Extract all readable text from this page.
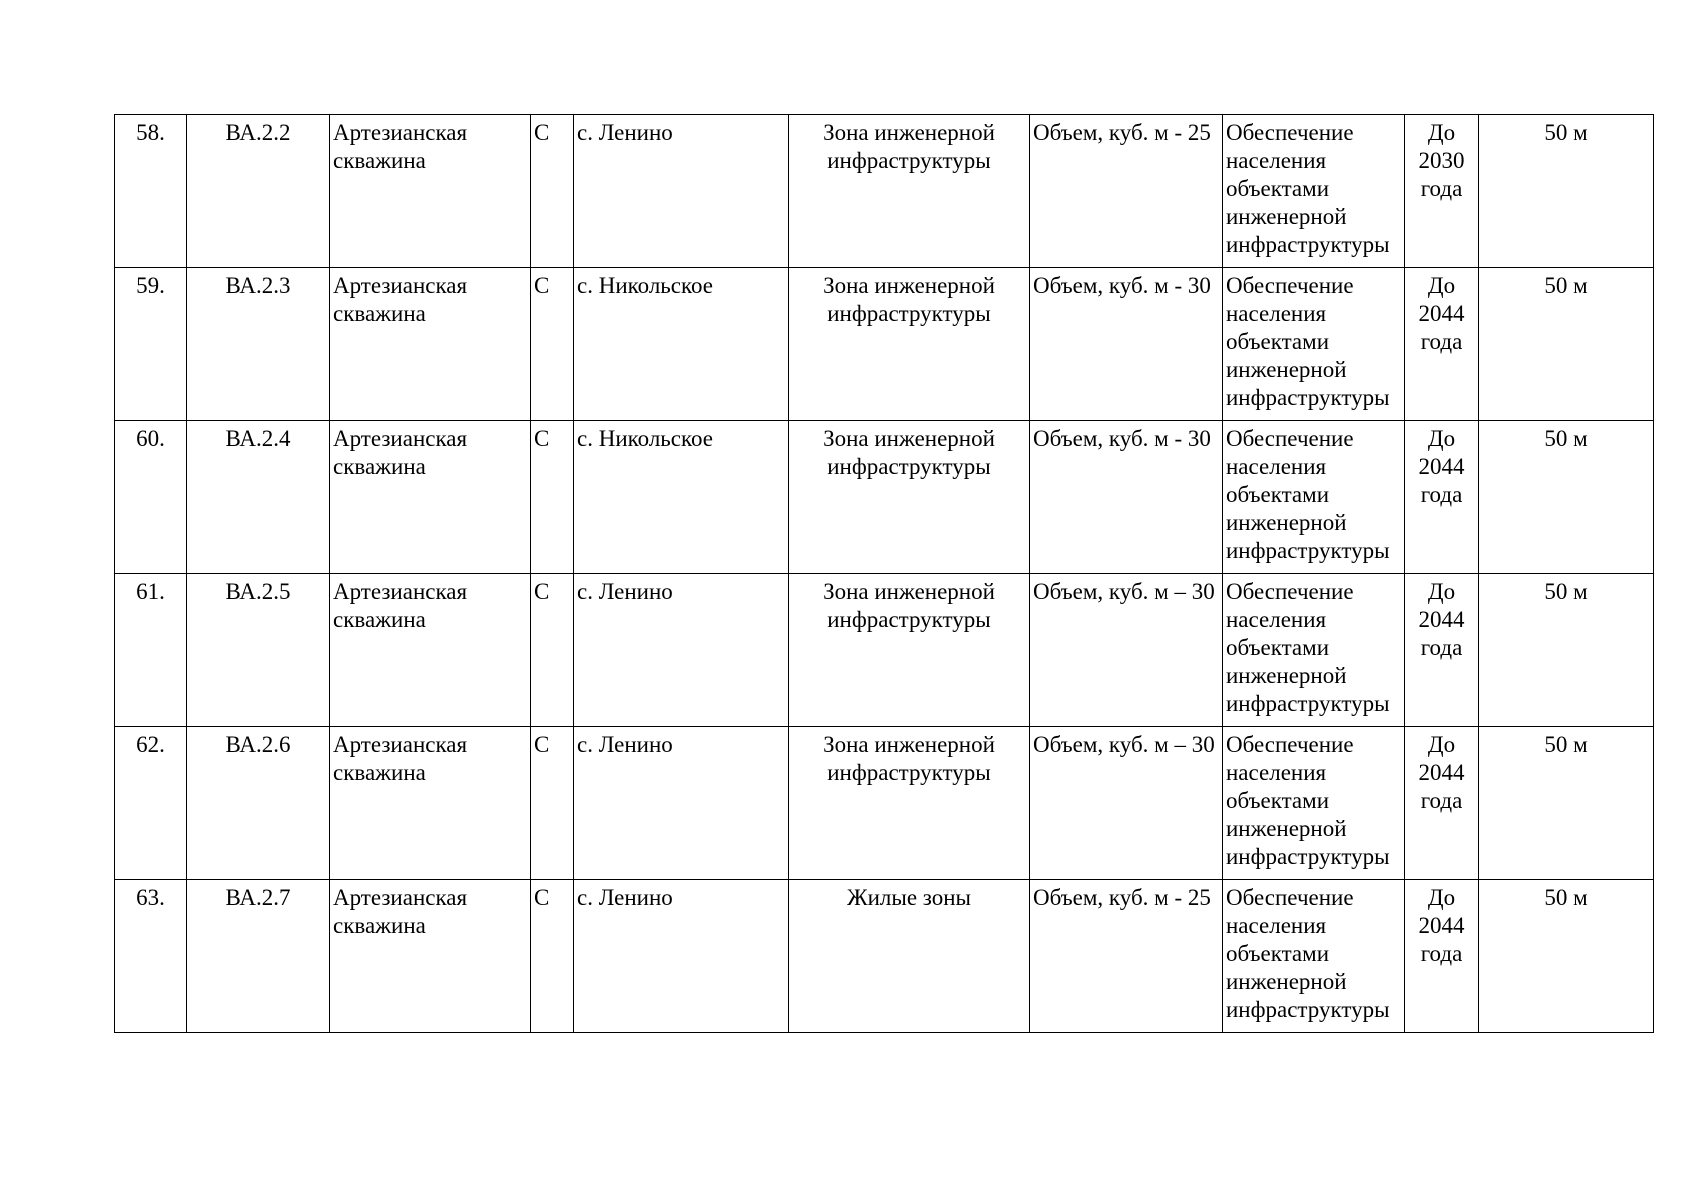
58.	ВА.2.2	Артезианская скважина	С	с. Ленино	Зона инженерной инфраструктуры	Объем, куб. м - 25	Обеспечение населения объектами инженерной инфраструктуры	До 2030 года	50 м
59.	ВА.2.3	Артезианская скважина	С	с. Никольское	Зона инженерной инфраструктуры	Объем, куб. м - 30	Обеспечение населения объектами инженерной инфраструктуры	До 2044 года	50 м
60.	ВА.2.4	Артезианская скважина	С	с. Никольское	Зона инженерной инфраструктуры	Объем, куб. м - 30	Обеспечение населения объектами инженерной инфраструктуры	До 2044 года	50 м
61.	ВА.2.5	Артезианская скважина	С	с. Ленино	Зона инженерной инфраструктуры	Объем, куб. м – 30	Обеспечение населения объектами инженерной инфраструктуры	До 2044 года	50 м
62.	ВА.2.6	Артезианская скважина	С	с. Ленино	Зона инженерной инфраструктуры	Объем, куб. м – 30	Обеспечение населения объектами инженерной инфраструктуры	До 2044 года	50 м
63.	ВА.2.7	Артезианская скважина	С	с. Ленино	Жилые зоны	Объем, куб. м - 25	Обеспечение населения объектами инженерной инфраструктуры	До 2044 года	50 м
